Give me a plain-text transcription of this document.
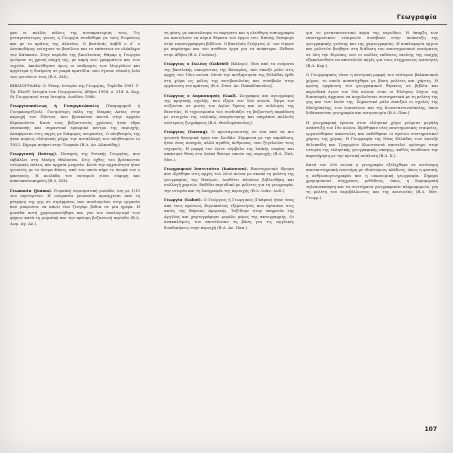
Γεωγραφία

φου οι πολλές πόλεις της αυτοκρατορίας τους. Τις μεταγενέστερες γενιές η Γεωργία συνδέθηκε με τους Ρωμαίους και με το κράτος της Αλανίας. Ο βασιλιάς Δαβίδ ο Δ΄ ο Ανοικοδόμος ενίσχυσε το βασίλειο και το επέκτεινε σε ολόκληρο τον Καύκασο. Στην περίοδο της βασίλισσας Θάμαρ η Γεωργία γνώρισε τη χρυσή εποχή της, με ακμή των γραμμάτων και των τεχνών. Ακολούθησαν όμως οι επιδρομές των Μογγόλων και αργότερα η διαίρεση σε μικρά κρατίδια, που έγιναν εύκολη λεία των γειτόνων τους (Β.Λ. Ζέλ).

ΒΙΒΛΙΟΓΡΑΦΙΑ: Ο. Ρένερ, Ιστορία της Γεωργίας, Τιφλίδα 1961· Γ. Τα. Ελεύθ. Ιστορία των Γεωργιανών, Αθήνα 1994, σ. 214· Α. Κοχ, Οι Γεωργιανοί στην Ιστορία, Λονδίνο 1988.

Γεωργιουπόλεως ή Γιουργκιώπολις (Yurgugopoli ή Γιουρκουρτζιολ). Γονιμότερη πόλη της Μικράς Ασίας στην περιοχή του Πόντου, που βρισκόταν κοντά στην αρχαία Κερασούντα. Κατά τους βυζαντινούς χρόνους ήταν έδρα επισκοπής και σημαντικό εμπορικό κέντρο της περιοχής. Αναφέρεται στις πηγές με διάφορες ονομασίες. Ο πληθυσμός της ήταν κυρίως ελληνικός μέχρι την ανταλλαγή των πληθυσμών το 1923. Σήμερα ανήκει στην Τουρκία (Β.Λ. Αν. Αλκιπίδης).

Γεωργιανή (Ιούτης). Ποταμός της δυτικής Γεωργίας, που εκβάλλει στη Μαύρη Θάλασσα. Στις όχθες του βρίσκονται ιστορικές πόλεις και αρχαία μνημεία. Κατά την αρχαιότητα ήταν γνωστός με το όνομα Φάσις, από τον οποίο πήρε το όνομά του ο φασιανός. Η κοιλάδα του ποταμού είναι εύφορη και πυκνοκατοικημένη (Β.Λ. Ζέλ).

Γεωπονία (Jouma). Ρωμαϊκή νομισματική μονάδα, ίση με 1/10 του σηστερτίου. Η ονομασία γεωπονία προέρχεται από τη μέτρηση της γης σε στρέμματα, που αναλογούσε στην εργασία που μπορούσε να κάνει ένα ζευγάρι βόδια σε μία ημέρα. Η μονάδα αυτή χρησιμοποιήθηκε και για τον υπολογισμό των φόρων κατά τη ρωμαϊκή και την πρώιμη βυζαντινή περίοδο (Β.Λ. Δωρ. Αγ. Αλ.).

τη φύση, με αποτέλεσμα το πορτρέτο και η ελεύθερη τοπιογραφία να αποτελούν τα κύρια θέματα του έργου του. Επίσης διέπρεψε στην εικονογράφηση βιβλίων. Ο βασιλιάς Γεώργιος Α΄ τον τίμησε με παράσημο και του ανέθεσε έργα για τα ανάκτορα. Πέθανε στην Αθήνα (Β.Λ. Γιούνας).

Γεώργιος ο Γαλέος (Gabriel) (Κάλερι). Ένα από τα ονόματα της βασιλικής οικογένειας της Βαυαρίας, που έπαιξε ρόλο στις αρχές του 19ου αιώνα. Μετά την ανεξαρτησία της Ελλάδας ήρθε στη χώρα ως μέλος της αντιβασιλείας και συνέβαλε στην οργάνωση του κράτους (Β.Λ. Σταυ. Αν. Παπαδόπουλος).

Γεώργιος ο Δαμασκηνός (Gaal). Ζωγράφος και αγιογράφος της κρητικής σχολής, που έζησε τον 16ο αιώνα. Έργα του σώζονται σε μονές του Αγίου Όρους και σε συλλογές της Βενετίας. Η τεχνοτροπία του συνδυάζει τη βυζαντινή παράδοση με στοιχεία της ιταλικής αναγέννησης και επηρέασε πολλούς νεότερους ζωγράφους (Β.Λ. Θεοδωρόπουλος).

Γεώργιος (Gareng). Ο πρωταγωνιστής σε ένα από τα πιο γνωστά θεατρικά έργα του Σουδάν. Σύμφωνα με την παράδοση, ήταν ένας πονηρός αλλά αγαθός άνθρωπος, που ξεγελούσε τους ισχυρούς. Η μορφή του έγινε σύμβολο της λαϊκής σοφίας και απέκτησε θέση στο λαϊκό θέατρο σκιών της περιοχής (Β.Λ. Παλ. Μεν.).

Γεωγραφικό Ινστιτούτο (Ιωάννινα). Επιστημονικό ίδρυμα που ιδρύθηκε στις αρχές του 20ού αιώνα με σκοπό τη μελέτη της γεωγραφίας της Ηπείρου. Διαθέτει πλούσια βιβλιοθήκη και συλλογή χαρτών. Εκδίδει περιοδικό με μελέτες για τη γεωγραφία, την ιστορία και τη λαογραφία της περιοχής (Β.Λ. Ιωάν. Δωδ.).

Γεωργία (Gabot). Ο Γεώργιος ή Γεωργικός (Γκάμπο) ήταν ένας από τους πρώτους Ευρωπαίους εξερευνητές που έφτασαν στις ακτές της Βόρειας Αμερικής. Ταξίδεψε στην υπηρεσία της Αγγλίας και χαρτογράφησε μεγάλο μέρος της ακτογραμμής. Οι ανακαλύψεις του αποτέλεσαν τη βάση για τις αγγλικές διεκδικήσεις στην περιοχή (Β.Λ. Αν. Παπ.).

για το μεταναστευτικό κύμα της περιόδου. Η ύπαρξη των επιστημονικών εταιρειών συνέβαλε στην ανάπτυξη της γεωγραφικής γνώσης και της χαρτογραφίας. Η κυκλοφορία έργων και μελετών βοήθησε στη διάδοση του επιστημονικού πνεύματος σε όλη την Ευρώπη, ενώ οι πολλές εκδόσεις εκείνης της εποχής εξακολουθούν να αποτελούν πηγές για τους σύγχρονους ερευνητές (Β.Λ. Κομ.).

Ο Γεωγραφικός είναι η κεντρική μορφή του νεότερου βαλκανικού χώρου, το οποίο αναπτύχθηκε με βάση μελέτες και χάρτες. Η πρώτη εμφάνιση του γεωγραφικού θέματος σε βιβλία και περιοδικά έγινε τον 18ο αιώνα, όταν οι Έλληνες λόγιοι της διασποράς άρχισαν να ασχολούνται συστηματικά με τη μελέτη της γης και των λαών της. Σημαντικό ρόλο έπαιξαν οι σχολές της Μοσχόπολης, των Ιωαννίνων και της Κωνσταντινούπολης, όπου διδάσκονταν γεωγραφία και αστρονομία (Β.Λ. Παπ.).

Η γεωγραφική έρευνα στον ελληνικό χώρο γνώρισε μεγάλη ανάπτυξη τον 19ο αιώνα. Ιδρύθηκαν νέες επιστημονικές εταιρείες, οργανώθηκαν αποστολές και εκδόθηκαν οι πρώτοι συστηματικοί χάρτες της χώρας. Η Γεωγραφία της Νέας Ελλάδας των Δανιήλ Φιλιππίδη και Γρηγορίου Κωνσταντά αποτελεί ορόσημο στην ιστορία της ελληνικής γεωγραφικής σκέψης, καθώς συνδύασε την παρατήρηση με την κριτική ανάλυση (Β.Λ. Κ.).

Κατά τον 20ό αιώνα η γεωγραφία εξελίχθηκε σε αυτόνομη πανεπιστημιακή επιστήμη με ιδιαίτερους κλάδους, όπως η φυσική, η ανθρωπογεωγραφία και η οικονομική γεωγραφία. Σήμερα χρησιμοποιεί σύγχρονες μεθόδους, όπως η δορυφορική τηλεπισκόπηση και τα συστήματα γεωγραφικών πληροφοριών, για τη μελέτη του περιβάλλοντος και της κοινωνίας (Β.Λ. Μετ. Γεωγρ.).

107
